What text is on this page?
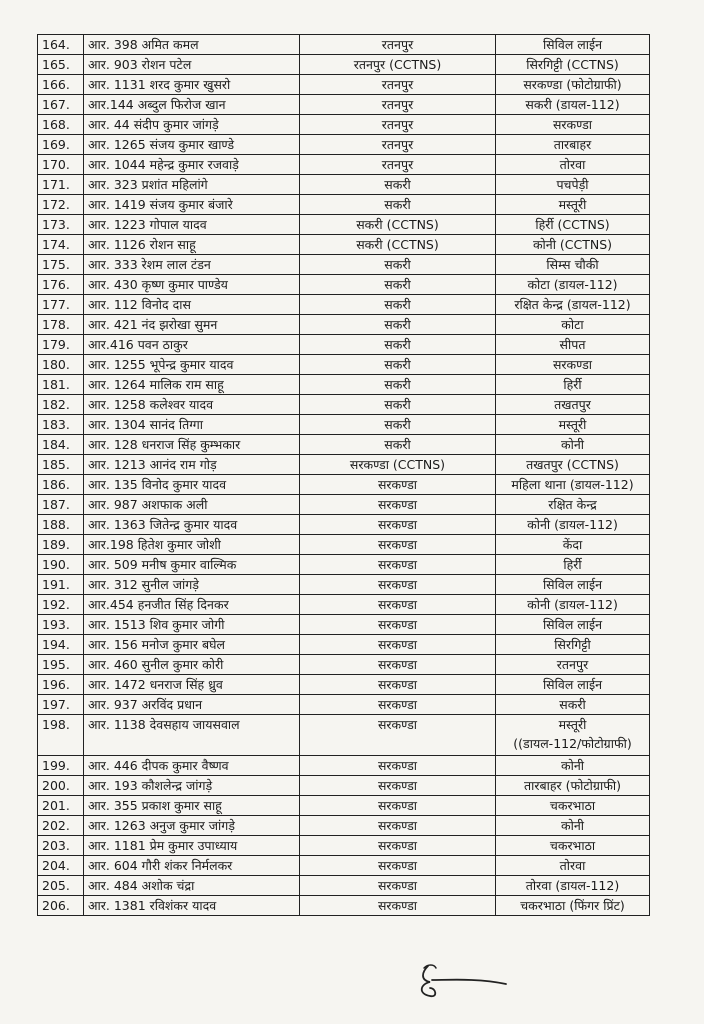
164.	आर. 398 अमित कमल	रतनपुर	सिविल लाईन
165.	आर. 903 रोशन पटेल	रतनपुर (CCTNS)	सिरगिट्टी (CCTNS)
166.	आर. 1131 शरद कुमार खुसरो	रतनपुर	सरकण्डा (फोटोग्राफी)
167.	आर.144 अब्दुल फिरोज खान	रतनपुर	सकरी (डायल-112)
168.	आर. 44 संदीप कुमार जांगड़े	रतनपुर	सरकण्डा
169.	आर. 1265 संजय कुमार खाण्डे	रतनपुर	तारबाहर
170.	आर. 1044 महेन्द्र कुमार रजवाड़े	रतनपुर	तोरवा
171.	आर. 323 प्रशांत महिलांगे	सकरी	पचपेड़ी
172.	आर. 1419 संजय कुमार बंजारे	सकरी	मस्तूरी
173.	आर. 1223 गोपाल यादव	सकरी (CCTNS)	हिर्री (CCTNS)
174.	आर. 1126 रोशन साहू	सकरी (CCTNS)	कोनी (CCTNS)
175.	आर. 333 रेशम लाल टंडन	सकरी	सिम्स चौकी
176.	आर. 430 कृष्ण कुमार पाण्डेय	सकरी	कोटा (डायल-112)
177.	आर. 112 विनोद दास	सकरी	रक्षित केन्द्र (डायल-112)
178.	आर. 421 नंद झरोखा सुमन	सकरी	कोटा
179.	आर.416 पवन ठाकुर	सकरी	सीपत
180.	आर. 1255 भूपेन्द्र कुमार यादव	सकरी	सरकण्डा
181.	आर. 1264 मालिक राम साहू	सकरी	हिर्री
182.	आर. 1258 कलेश्वर यादव	सकरी	तखतपुर
183.	आर. 1304 सानंद तिग्गा	सकरी	मस्तूरी
184.	आर. 128 धनराज सिंह कुम्भकार	सकरी	कोनी
185.	आर. 1213 आनंद राम गोड़	सरकण्डा (CCTNS)	तखतपुर (CCTNS)
186.	आर. 135 विनोद कुमार यादव	सरकण्डा	महिला थाना (डायल-112)
187.	आर. 987 अशफाक अली	सरकण्डा	रक्षित केन्द्र
188.	आर. 1363 जितेन्द्र कुमार यादव	सरकण्डा	कोनी (डायल-112)
189.	आर.198 हितेश कुमार जोशी	सरकण्डा	केंदा
190.	आर. 509 मनीष कुमार वाल्मिक	सरकण्डा	हिर्री
191.	आर. 312 सुनील जांगड़े	सरकण्डा	सिविल लाईन
192.	आर.454 हनजीत सिंह दिनकर	सरकण्डा	कोनी (डायल-112)
193.	आर. 1513 शिव कुमार जोगी	सरकण्डा	सिविल लाईन
194.	आर. 156 मनोज कुमार बघेल	सरकण्डा	सिरगिट्टी
195.	आर. 460 सुनील कुमार कोरी	सरकण्डा	रतनपुर
196.	आर. 1472 धनराज सिंह ध्रुव	सरकण्डा	सिविल लाईन
197.	आर. 937 अरविंद प्रधान	सरकण्डा	सकरी
198.	आर. 1138 देवसहाय जायसवाल	सरकण्डा	मस्तूरी
((डायल-112/फोटोग्राफी)

199.	आर. 446 दीपक कुमार वैष्णव	सरकण्डा	कोनी
200.	आर. 193 कौशलेन्द्र जांगड़े	सरकण्डा	तारबाहर (फोटोग्राफी)
201.	आर. 355 प्रकाश कुमार साहू	सरकण्डा	चकरभाठा
202.	आर. 1263 अनुज कुमार जांगड़े	सरकण्डा	कोनी
203.	आर. 1181 प्रेम कुमार उपाध्याय	सरकण्डा	चकरभाठा
204.	आर. 604 गौरी शंकर निर्मलकर	सरकण्डा	तोरवा
205.	आर. 484 अशोक चंद्रा	सरकण्डा	तोरवा (डायल-112)
206.	आर. 1381 रविशंकर यादव	सरकण्डा	चकरभाठा (फिंगर प्रिंट)
